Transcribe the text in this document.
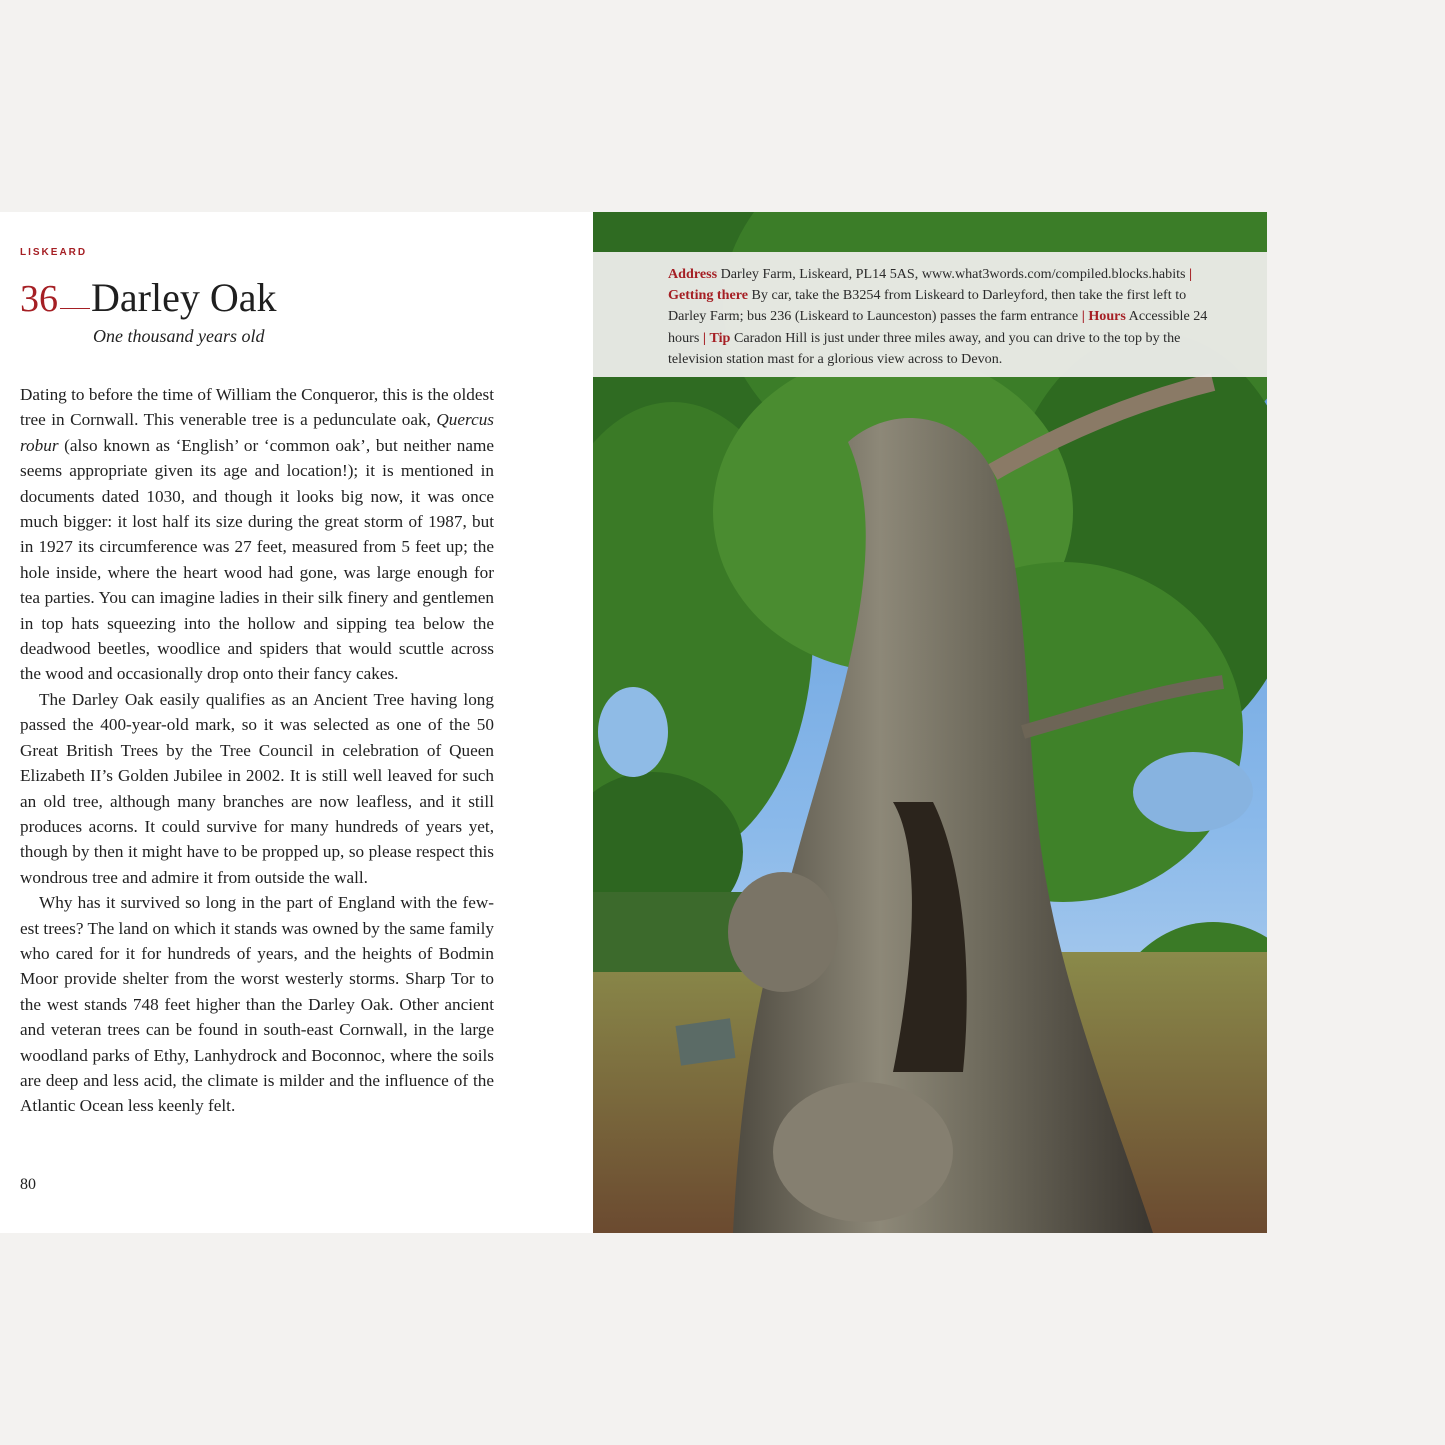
LISKEARD
36 Darley Oak
One thousand years old

Dating to before the time of William the Conqueror, this is the oldest tree in Cornwall. This venerable tree is a pedunculate oak, Quercus robur (also known as ‘English’ or ‘common oak’, but neither name seems appropriate given its age and location!); it is mentioned in documents dated 1030, and though it looks big now, it was once much bigger: it lost half its size during the great storm of 1987, but in 1927 its circumference was 27 feet, measured from 5 feet up; the hole inside, where the heart wood had gone, was large enough for tea parties. You can imagine ladies in their silk finery and gentlemen in top hats squeezing into the hollow and sipping tea below the deadwood beetles, woodlice and spiders that would scuttle across the wood and occasionally drop onto their fancy cakes.

The Darley Oak easily qualifies as an Ancient Tree having long passed the 400-year-old mark, so it was selected as one of the 50 Great British Trees by the Tree Council in celebration of Queen Elizabeth II’s Golden Jubilee in 2002. It is still well leaved for such an old tree, although many branches are now leafless, and it still produces acorns. It could survive for many hundreds of years yet, though by then it might have to be propped up, so please respect this wondrous tree and admire it from outside the wall.

Why has it survived so long in the part of England with the fewest trees? The land on which it stands was owned by the same family who cared for it for hundreds of years, and the heights of Bodmin Moor provide shelter from the worst westerly storms. Sharp Tor to the west stands 748 feet higher than the Darley Oak. Other ancient and veteran trees can be found in south-east Cornwall, in the large woodland parks of Ethy, Lanhydrock and Boconnoc, where the soils are deep and less acid, the climate is milder and the influence of the Atlantic Ocean less keenly felt.

80
Address Darley Farm, Liskeard, PL14 5AS, www.what3words.com/compiled.blocks.habits | Getting there By car, take the B3254 from Liskeard to Darleyford, then take the first left to Darley Farm; bus 236 (Liskeard to Launceston) passes the farm entrance | Hours Accessible 24 hours | Tip Caradon Hill is just under three miles away, and you can drive to the top by the television station mast for a glorious view across to Devon.
